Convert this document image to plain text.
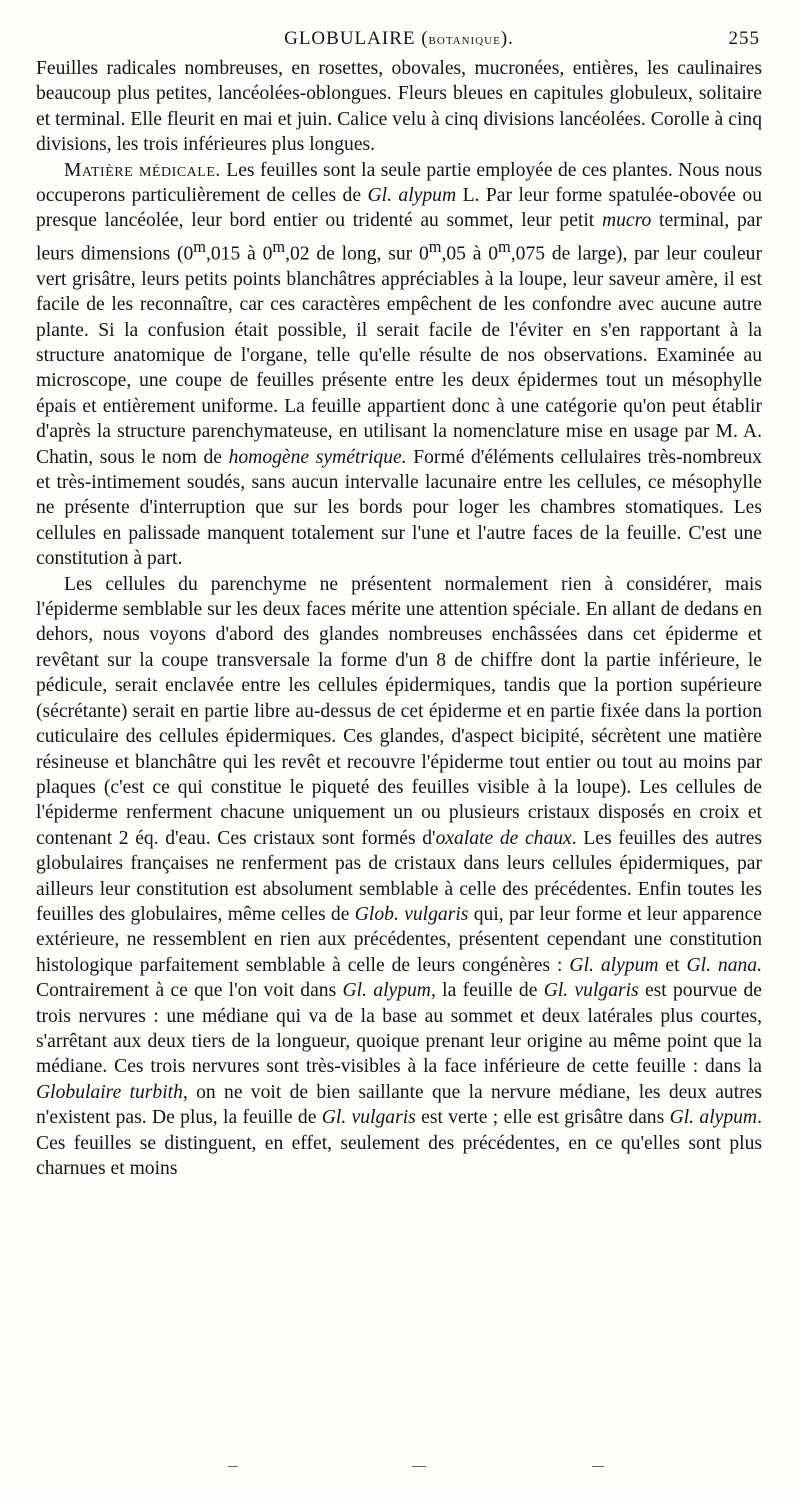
GLOBULAIRE (botanique).	255

Feuilles radicales nombreuses, en rosettes, obovales, mucronées, entières, les caulinaires beaucoup plus petites, lancéolées-oblongues. Fleurs bleues en capitules globuleux, solitaire et terminal. Elle fleurit en mai et juin. Calice velu à cinq divisions lancéolées. Corolle à cinq divisions, les trois inférieures plus longues.

Matière médicale. Les feuilles sont la seule partie employée de ces plantes. Nous nous occuperons particulièrement de celles de Gl. alypum L. Par leur forme spatulée-obovée ou presque lancéolée, leur bord entier ou tridenté au sommet, leur petit mucro terminal, par leurs dimensions (0$^m$,015 à 0$^m$,02 de long, sur 0$^m$,05 à 0$^m$,075 de large), par leur couleur vert grisâtre, leurs petits points blanchâtres appréciables à la loupe, leur saveur amère, il est facile de les reconnaître, car ces caractères empêchent de les confondre avec aucune autre plante. Si la confusion était possible, il serait facile de l'éviter en s'en rapportant à la structure anatomique de l'organe, telle qu'elle résulte de nos observations. Examinée au microscope, une coupe de feuilles présente entre les deux épidermes tout un mésophylle épais et entièrement uniforme. La feuille appartient donc à une catégorie qu'on peut établir d'après la structure parenchymateuse, en utilisant la nomenclature mise en usage par M. A. Chatin, sous le nom de homogène symétrique. Formé d'éléments cellulaires très-nombreux et très-intimement soudés, sans aucun intervalle lacunaire entre les cellules, ce mésophylle ne présente d'interruption que sur les bords pour loger les chambres stomatiques. Les cellules en palissade manquent totalement sur l'une et l'autre faces de la feuille. C'est une constitution à part.

Les cellules du parenchyme ne présentent normalement rien à considérer, mais l'épiderme semblable sur les deux faces mérite une attention spéciale. En allant de dedans en dehors, nous voyons d'abord des glandes nombreuses enchâssées dans cet épiderme et revêtant sur la coupe transversale la forme d'un 8 de chiffre dont la partie inférieure, le pédicule, serait enclavée entre les cellules épidermiques, tandis que la portion supérieure (sécrétante) serait en partie libre au-dessus de cet épiderme et en partie fixée dans la portion cuticulaire des cellules épidermiques. Ces glandes, d'aspect bicipité, sécrètent une matière résineuse et blanchâtre qui les revêt et recouvre l'épiderme tout entier ou tout au moins par plaques (c'est ce qui constitue le piqueté des feuilles visible à la loupe). Les cellules de l'épiderme renferment chacune uniquement un ou plusieurs cristaux disposés en croix et contenant 2 éq. d'eau. Ces cristaux sont formés d'oxalate de chaux. Les feuilles des autres globulaires françaises ne renferment pas de cristaux dans leurs cellules épidermiques, par ailleurs leur constitution est absolument semblable à celle des précédentes. Enfin toutes les feuilles des globulaires, même celles de Glob. vulgaris qui, par leur forme et leur apparence extérieure, ne ressemblent en rien aux précédentes, présentent cependant une constitution histologique parfaitement semblable à celle de leurs congénères : Gl. alypum et Gl. nana. Contrairement à ce que l'on voit dans Gl. alypum, la feuille de Gl. vulgaris est pourvue de trois nervures : une médiane qui va de la base au sommet et deux latérales plus courtes, s'arrêtant aux deux tiers de la longueur, quoique prenant leur origine au même point que la médiane. Ces trois nervures sont très-visibles à la face inférieure de cette feuille : dans la Globulaire turbith, on ne voit de bien saillante que la nervure médiane, les deux autres n'existent pas. De plus, la feuille de Gl. vulgaris est verte ; elle est grisâtre dans Gl. alypum. Ces feuilles se distinguent, en effet, seulement des précédentes, en ce qu'elles sont plus charnues et moins
